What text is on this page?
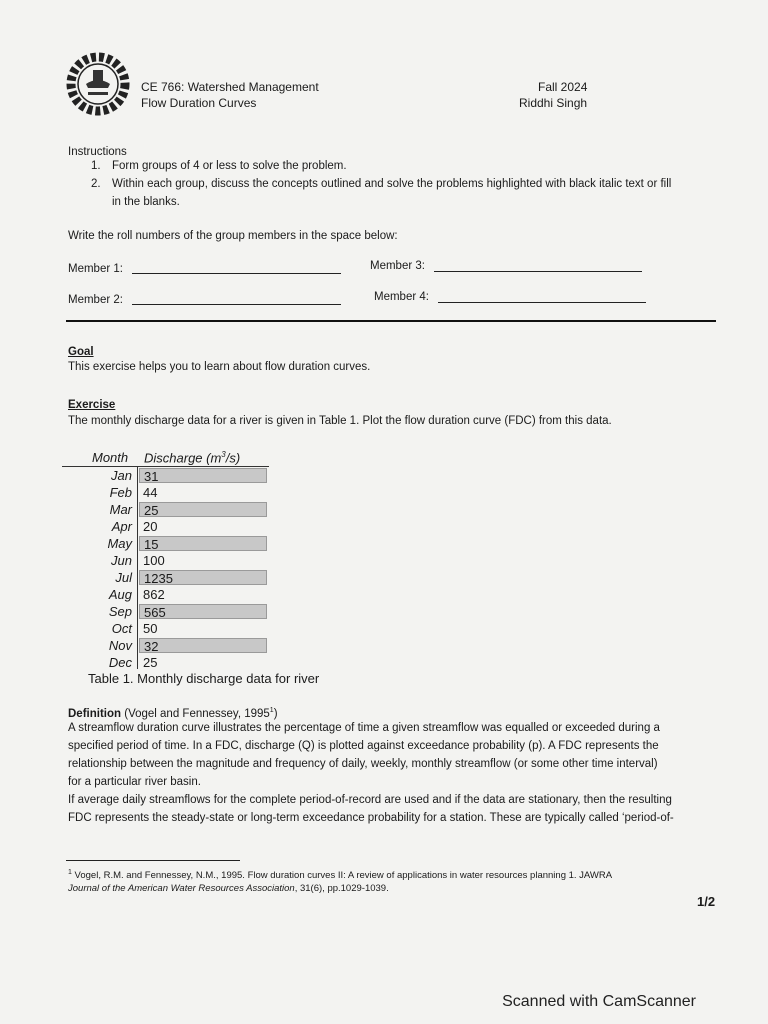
CE 766: Watershed Management
Flow Duration Curves
Fall 2024
Riddhi Singh
Instructions
1. Form groups of 4 or less to solve the problem.
2. Within each group, discuss the concepts outlined and solve the problems highlighted with black italic text or fill
in the blanks.
Write the roll numbers of the group members in the space below:
Member 1:	Member 3:
Member 2:	Member 4:
Goal
This exercise helps you to learn about flow duration curves.
Exercise
The monthly discharge data for a river is given in Table 1. Plot the flow duration curve (FDC) from this data.
Month Discharge $(m^3/s)$
Jan 31
Feb 44
Mar 25
Apr 20
May 15
Jun 100
Jul 1235
Aug 862
Sep 565
Oct 50
Nov 32
Dec 25
Table 1. Monthly discharge data for river
Definition (Vogel and Fennessey, 1995$^1$)
A streamflow duration curve illustrates the percentage of time a given streamflow was equalled or exceeded during a
specified period of time. In a FDC, discharge (Q) is plotted against exceedance probability (p). A FDC represents the
relationship between the magnitude and frequency of daily, weekly, monthly streamflow (or some other time interval)
for a particular river basin.
If average daily streamflows for the complete period-of-record are used and if the data are stationary, then the resulting
FDC represents the steady-state or long-term exceedance probability for a station. These are typically called ‘period-of-
$^1$ Vogel, R.M. and Fennessey, N.M., 1995. Flow duration curves II: A review of applications in water resources planning 1. JAWRA
Journal of the American Water Resources Association, 31(6), pp.1029-1039.
1/2
Scanned with CamScanner
